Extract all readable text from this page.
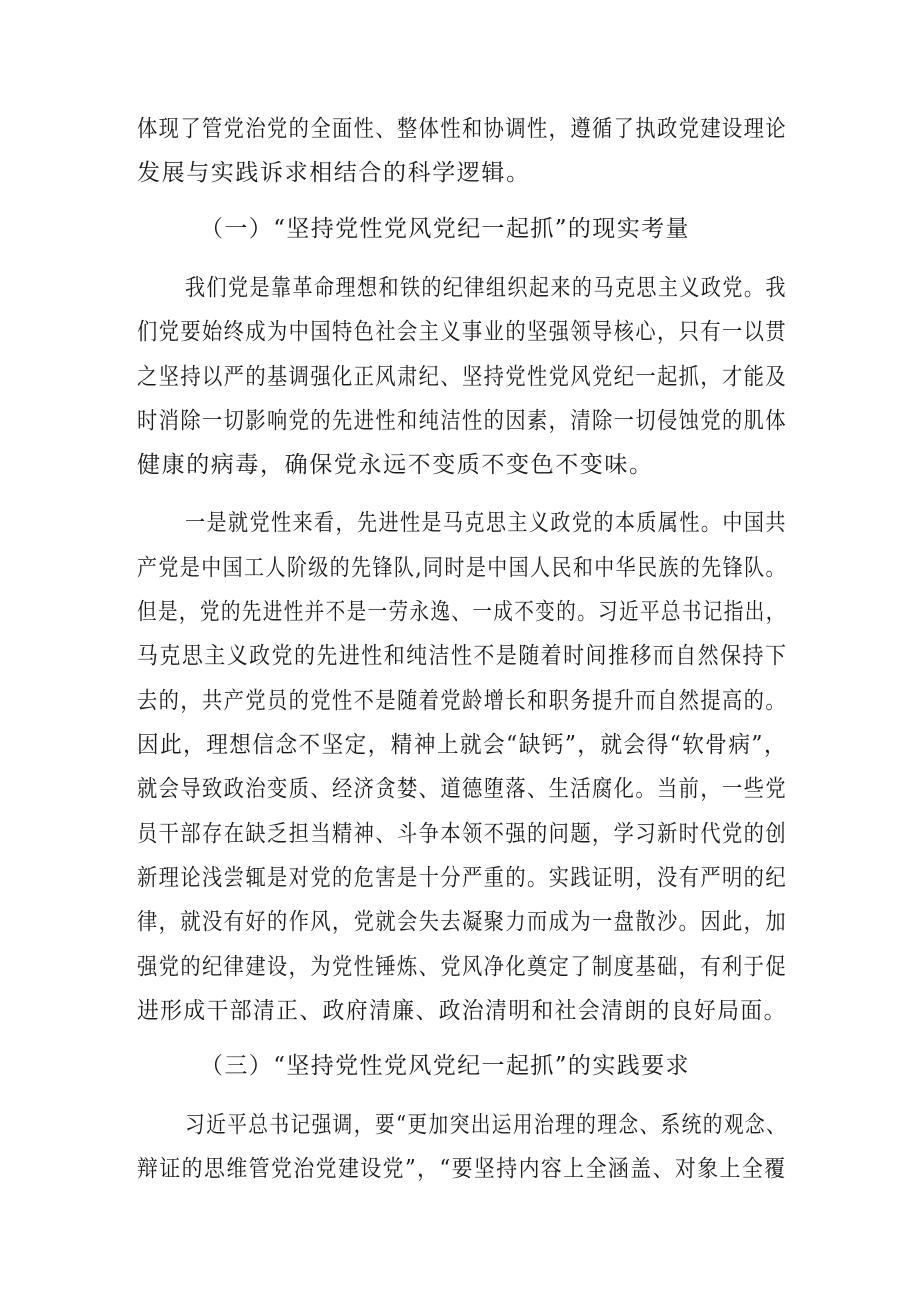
体现了管党治党的全面性、整体性和协调性，遵循了执政党建设理论
发展与实践诉求相结合的科学逻辑。
（一）“坚持党性党风党纪一起抓”的现实考量
我们党是靠革命理想和铁的纪律组织起来的马克思主义政党。我
们党要始终成为中国特色社会主义事业的坚强领导核心，只有一以贯
之坚持以严的基调强化正风肃纪、坚持党性党风党纪一起抓，才能及
时消除一切影响党的先进性和纯洁性的因素，清除一切侵蚀党的肌体
健康的病毒，确保党永远不变质不变色不变味。
一是就党性来看，先进性是马克思主义政党的本质属性。中国共
产党是中国工人阶级的先锋队,同时是中国人民和中华民族的先锋队。
但是，党的先进性并不是一劳永逸、一成不变的。习近平总书记指出，
马克思主义政党的先进性和纯洁性不是随着时间推移而自然保持下
去的，共产党员的党性不是随着党龄增长和职务提升而自然提高的。
因此，理想信念不坚定，精神上就会“缺钙”，就会得“软骨病”，
就会导致政治变质、经济贪婪、道德堕落、生活腐化。当前，一些党
员干部存在缺乏担当精神、斗争本领不强的问题，学习新时代党的创
新理论浅尝辄是对党的危害是十分严重的。实践证明，没有严明的纪
律，就没有好的作风，党就会失去凝聚力而成为一盘散沙。因此，加
强党的纪律建设，为党性锤炼、党风净化奠定了制度基础，有利于促
进形成干部清正、政府清廉、政治清明和社会清朗的良好局面。
（三）“坚持党性党风党纪一起抓”的实践要求
习近平总书记强调，要“更加突出运用治理的理念、系统的观念、
辩证的思维管党治党建设党”，“要坚持内容上全涵盖、对象上全覆
